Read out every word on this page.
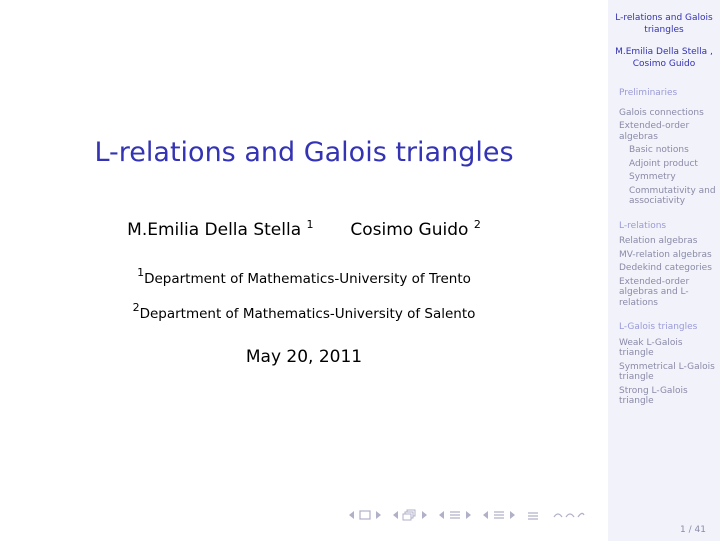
L-relations and Galois triangles
M.Emilia Della Stella $^1$ Cosimo Guido $^2$
$^1$Department of Mathematics-University of Trento
$^2$Department of Mathematics-University of Salento
May 20, 2011
L-relations and Galois
triangles
M.Emilia Della Stella ,
Cosimo Guido
Preliminaries
Galois connections
Extended-order algebras
Basic notions
Adjoint product
Symmetry
Commutativity and associativity
L-relations
Relation algebras
MV-relation algebras
Dedekind categories
Extended-order algebras and L-relations
L-Galois triangles
Weak L-Galois triangle
Symmetrical L-Galois triangle
Strong L-Galois triangle
1 / 41
